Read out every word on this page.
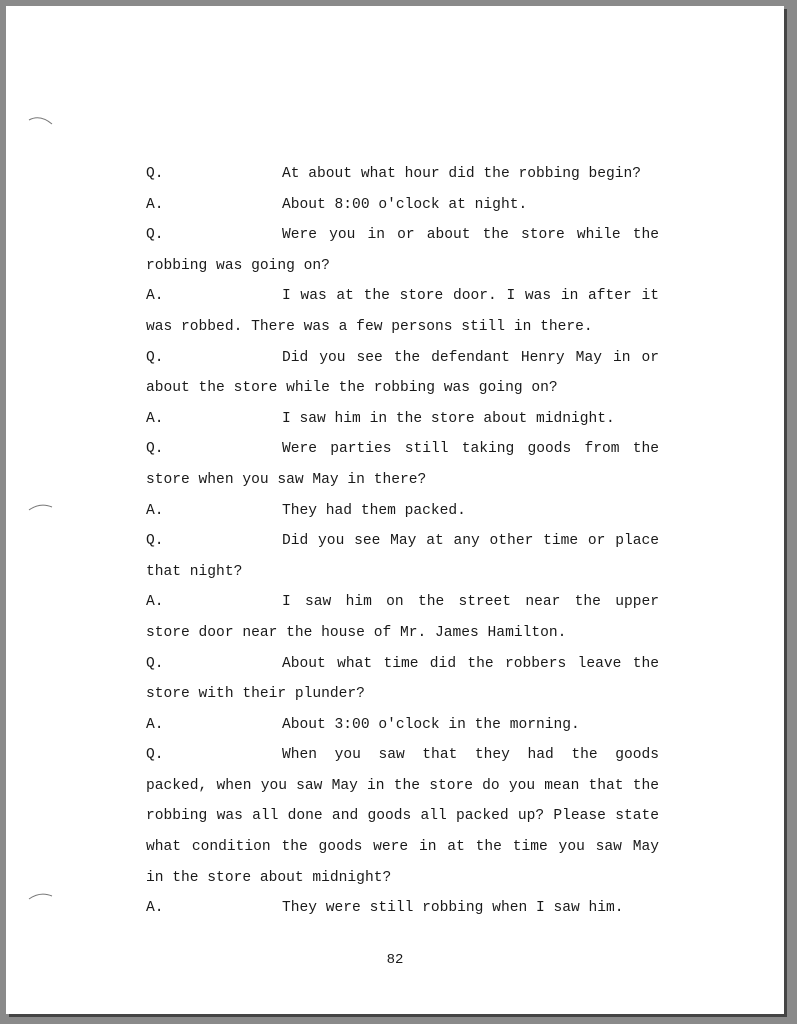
Q.	At about what hour did the robbing begin?

A.	About 8:00 o'clock at night.

Q.	Were you in or about the store while the robbing was going on?

A.	I was at the store door. I was in after it was robbed. There was a few persons still in there.

Q.	Did you see the defendant Henry May in or about the store while the robbing was going on?

A.	I saw him in the store about midnight.

Q.	Were parties still taking goods from the store when you saw May in there?

A.	They had them packed.

Q.	Did you see May at any other time or place that night?

A.	I saw him on the street near the upper store door near the house of Mr. James Hamilton.

Q.	About what time did the robbers leave the store with their plunder?

A.	About 3:00 o'clock in the morning.

Q.	When you saw that they had the goods packed, when you saw May in the store do you mean that the robbing was all done and goods all packed up? Please state what condition the goods were in at the time you saw May in the store about midnight?

A.	They were still robbing when I saw him.

82
